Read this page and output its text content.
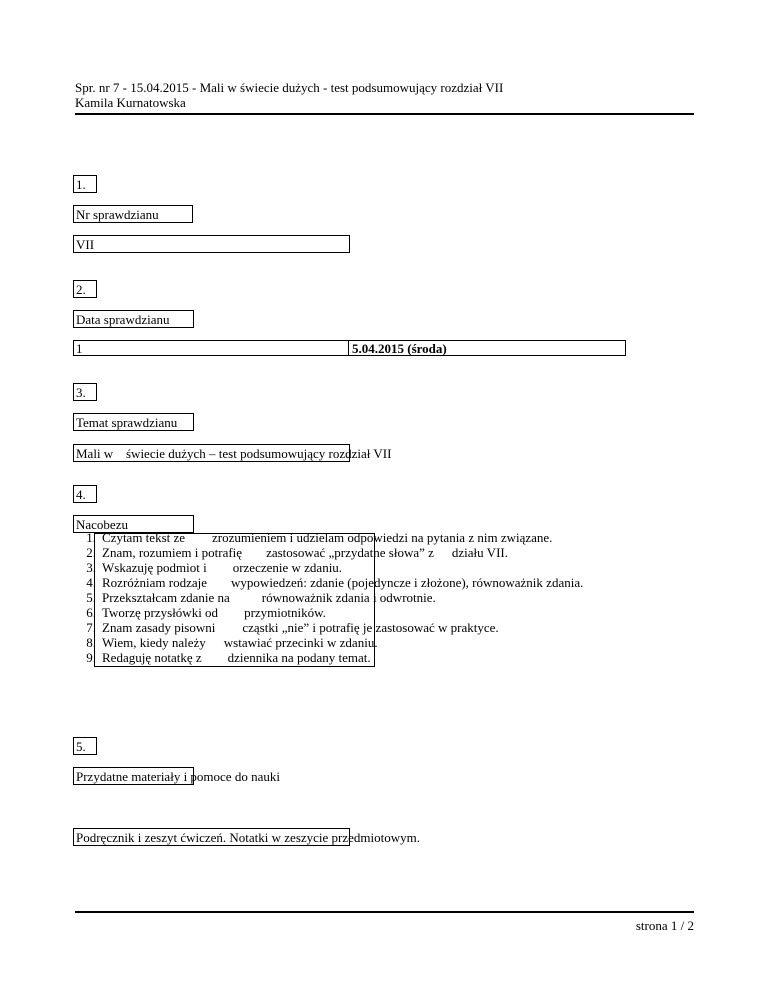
Spr. nr 7 - 15.04.2015 - Mali w świecie dużych - test podsumowujący rozdział VII
Kamila Kurnatowska
1.
Nr sprawdzianu
VII
2.
Data sprawdzianu
1	5.04.2015 (środa)
3.
Temat sprawdzianu
Mali w świecie dużych – test podsumowujący rozdział VII
4.
Nacobezu
1. Czytam tekst ze zrozumieniem i udzielam odpowiedzi na pytania z nim związane.
2. Znam, rozumiem i potrafię zastosować „przydatne słowa” z działu VII.
3. Wskazuję podmiot i orzeczenie w zdaniu.
4. Rozróżniam rodzaje wypowiedzeń: zdanie (pojedyncze i złożone), równoważnik zdania.
5. Przekształcam zdanie na równoważnik zdania i odwrotnie.
6. Tworzę przysłówki od przymiotników.
7. Znam zasady pisowni cząstki „nie” i potrafię je zastosować w praktyce.
8. Wiem, kiedy należy wstawiać przecinki w zdaniu.
9. Redaguję notatkę z dziennika na podany temat.
5.
Przydatne materiały i pomoce do nauki
Podręcznik i zeszyt ćwiczeń. Notatki w zeszycie przedmiotowym.
strona 1 / 2
